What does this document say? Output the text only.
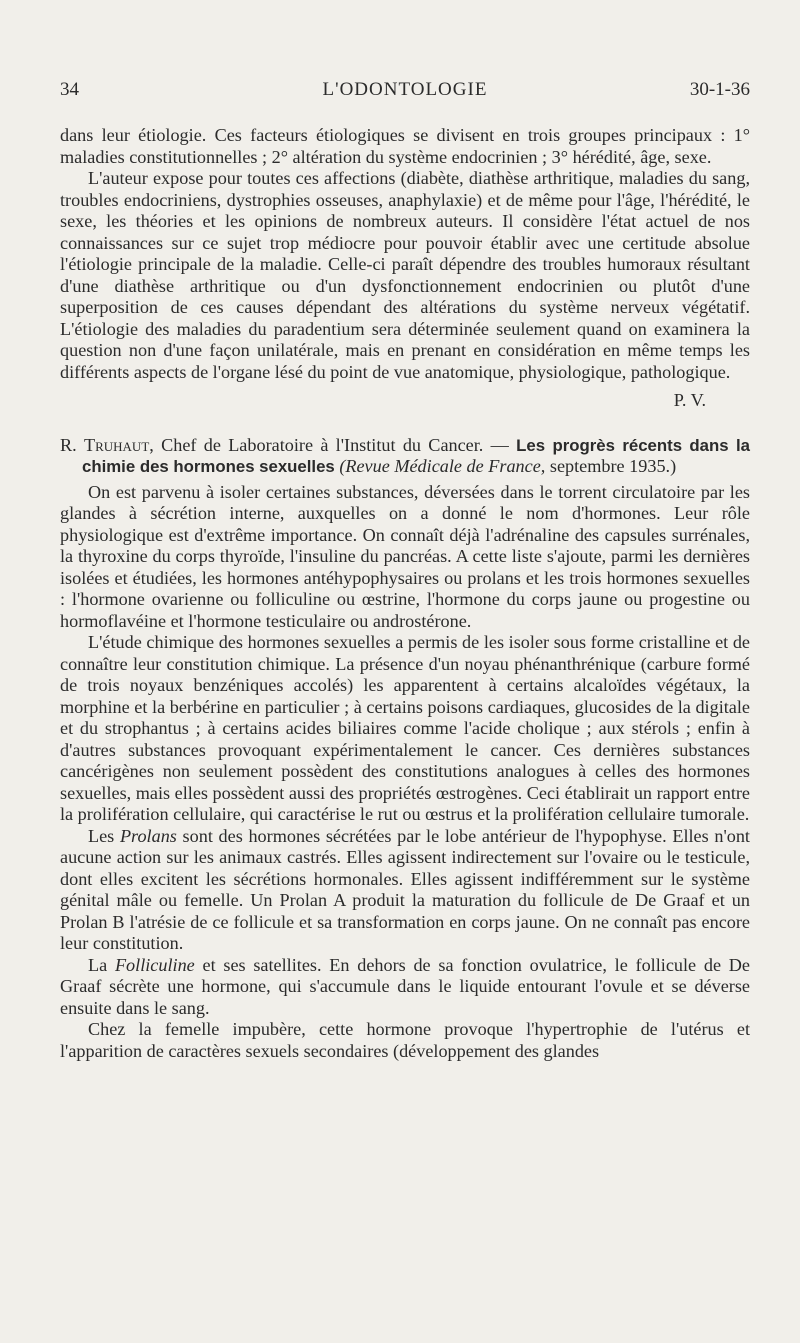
34	L'ODONTOLOGIE	30-1-36

dans leur étiologie. Ces facteurs étiologiques se divisent en trois groupes principaux : 1° maladies constitutionnelles ; 2° altération du système endocrinien ; 3° hérédité, âge, sexe.

L'auteur expose pour toutes ces affections (diabète, diathèse arthritique, maladies du sang, troubles endocriniens, dystrophies osseuses, anaphylaxie) et de même pour l'âge, l'hérédité, le sexe, les théories et les opinions de nombreux auteurs. Il considère l'état actuel de nos connaissances sur ce sujet trop médiocre pour pouvoir établir avec une certitude absolue l'étiologie principale de la maladie. Celle-ci paraît dépendre des troubles humoraux résultant d'une diathèse arthritique ou d'un dysfonctionnement endocrinien ou plutôt d'une superposition de ces causes dépendant des altérations du système nerveux végétatif. L'étiologie des maladies du paradentium sera déterminée seulement quand on examinera la question non d'une façon unilatérale, mais en prenant en considération en même temps les différents aspects de l'organe lésé du point de vue anatomique, physiologique, pathologique.

P. V.

R. Truhaut, Chef de Laboratoire à l'Institut du Cancer. — Les progrès récents dans la chimie des hormones sexuelles (Revue Médicale de France, septembre 1935.)

On est parvenu à isoler certaines substances, déversées dans le torrent circulatoire par les glandes à sécrétion interne, auxquelles on a donné le nom d'hormones. Leur rôle physiologique est d'extrême importance. On connaît déjà l'adrénaline des capsules surrénales, la thyroxine du corps thyroïde, l'insuline du pancréas. A cette liste s'ajoute, parmi les dernières isolées et étudiées, les hormones antéhypophysaires ou prolans et les trois hormones sexuelles : l'hormone ovarienne ou folliculine ou œstrine, l'hormone du corps jaune ou progestine ou hormoflavéine et l'hormone testiculaire ou androstérone.

L'étude chimique des hormones sexuelles a permis de les isoler sous forme cristalline et de connaître leur constitution chimique. La présence d'un noyau phénanthrénique (carbure formé de trois noyaux benzéniques accolés) les apparentent à certains alcaloïdes végétaux, la morphine et la berbérine en particulier ; à certains poisons cardiaques, glucosides de la digitale et du strophantus ; à certains acides biliaires comme l'acide cholique ; aux stérols ; enfin à d'autres substances provoquant expérimentalement le cancer. Ces dernières substances cancérigènes non seulement possèdent des constitutions analogues à celles des hormones sexuelles, mais elles possèdent aussi des propriétés œstrogènes. Ceci établirait un rapport entre la prolifération cellulaire, qui caractérise le rut ou œstrus et la prolifération cellulaire tumorale.

Les Prolans sont des hormones sécrétées par le lobe antérieur de l'hypophyse. Elles n'ont aucune action sur les animaux castrés. Elles agissent indirectement sur l'ovaire ou le testicule, dont elles excitent les sécrétions hormonales. Elles agissent indifféremment sur le système génital mâle ou femelle. Un Prolan A produit la maturation du follicule de De Graaf et un Prolan B l'atrésie de ce follicule et sa transformation en corps jaune. On ne connaît pas encore leur constitution.

La Folliculine et ses satellites. En dehors de sa fonction ovulatrice, le follicule de De Graaf sécrète une hormone, qui s'accumule dans le liquide entourant l'ovule et se déverse ensuite dans le sang.

Chez la femelle impubère, cette hormone provoque l'hypertrophie de l'utérus et l'apparition de caractères sexuels secondaires (développement des glandes
